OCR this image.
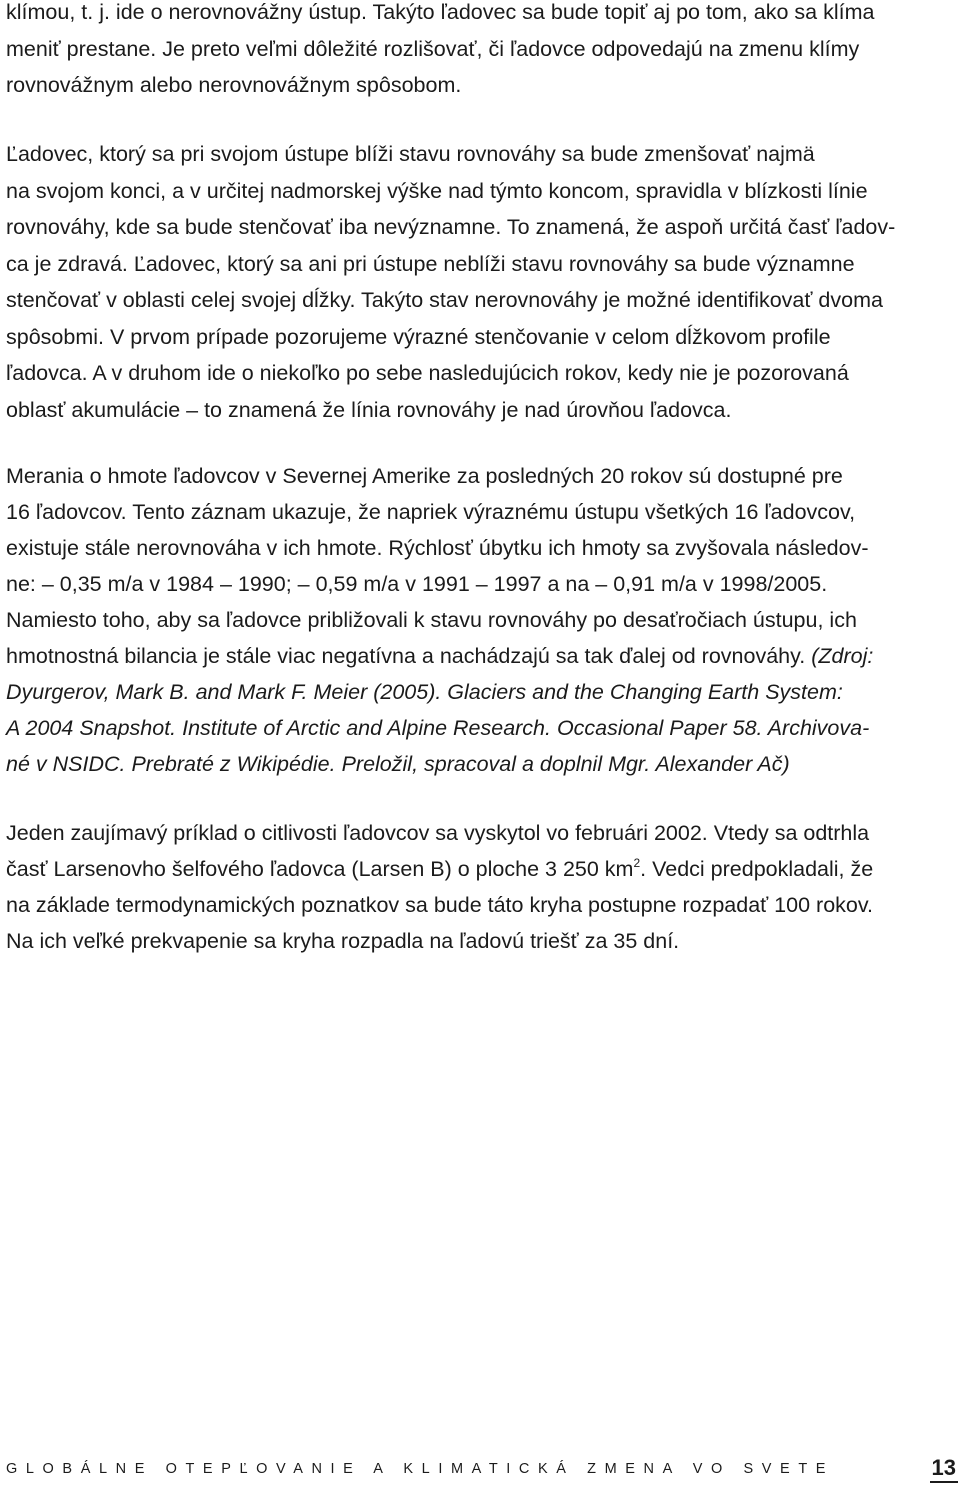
klímou, t. j. ide o nerovnovážny ústup. Takýto ľadovec sa bude topiť aj po tom, ako sa klíma
meniť prestane. Je preto veľmi dôležité rozlišovať, či ľadovce odpovedajú na zmenu klímy
rovnovážnym alebo nerovnovážnym spôsobom.
Ľadovec, ktorý sa pri svojom ústupe blíži stavu rovnováhy sa bude zmenšovať najmä
na svojom konci, a v určitej nadmorskej výške nad týmto koncom, spravidla v blízkosti línie
rovnováhy, kde sa bude stenčovať iba nevýznamne. To znamená, že aspoň určitá časť ľadov-
ca je zdravá. Ľadovec, ktorý sa ani pri ústupe neblíži stavu rovnováhy sa bude významne
stenčovať v oblasti celej svojej dĺžky. Takýto stav nerovnováhy je možné identifikovať dvoma
spôsobmi. V prvom prípade pozorujeme výrazné stenčovanie v celom dĺžkovom profile
ľadovca. A v druhom ide o niekoľko po sebe nasledujúcich rokov, kedy nie je pozorovaná
oblasť akumulácie – to znamená že línia rovnováhy je nad úrovňou ľadovca.
Merania o hmote ľadovcov v Severnej Amerike za posledných 20 rokov sú dostupné pre
16 ľadovcov. Tento záznam ukazuje, že napriek výraznému ústupu všetkých 16 ľadovcov,
existuje stále nerovnováha v ich hmote. Rýchlosť úbytku ich hmoty sa zvyšovala následov-
ne: – 0,35 m/a v 1984 – 1990; – 0,59 m/a v 1991 – 1997 a na – 0,91 m/a v 1998/2005.
Namiesto toho, aby sa ľadovce približovali k stavu rovnováhy po desaťročiach ústupu, ich
hmotnostná bilancia je stále viac negatívna a nachádzajú sa tak ďalej od rovnováhy. (Zdroj:
Dyurgerov, Mark B. and Mark F. Meier (2005). Glaciers and the Changing Earth System:
A 2004 Snapshot. Institute of Arctic and Alpine Research. Occasional Paper 58. Archivova-
né v NSIDC. Prebraté z Wikipédie. Preložil, spracoval a doplnil Mgr. Alexander Ač)
Jeden zaujímavý príklad o citlivosti ľadovcov sa vyskytol vo februári 2002. Vtedy sa odtrhla
časť Larsenovho šelfového ľadovca (Larsen B) o ploche 3 250 $km^2$. Vedci predpokladali, že
na základe termodynamických poznatkov sa bude táto kryha postupne rozpadať 100 rokov.
Na ich veľké prekvapenie sa kryha rozpadla na ľadovú triešť za 35 dní.
GLOBÁLNE OTEPĽOVANIE A KLIMATICKÁ ZMENA VO SVETE	13
